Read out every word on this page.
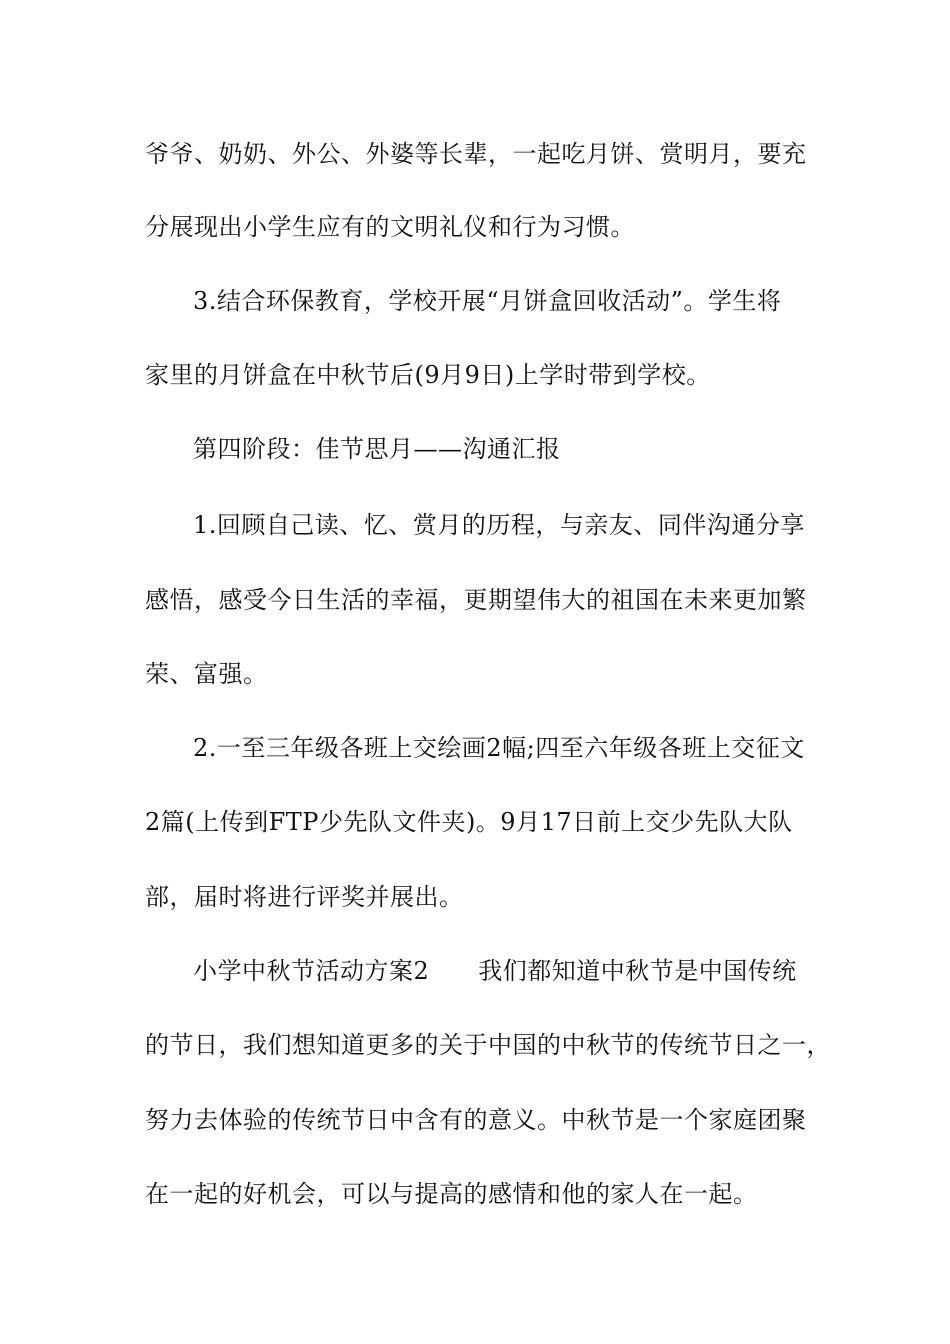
爷爷、奶奶、外公、外婆等长辈，一起吃月饼、赏明月，要充
分展现出小学生应有的文明礼仪和行为习惯。
3.结合环保教育，学校开展“月饼盒回收活动”。学生将
家里的月饼盒在中秋节后(9月9日)上学时带到学校。
第四阶段：佳节思月——沟通汇报
1.回顾自己读、忆、赏月的历程，与亲友、同伴沟通分享
感悟，感受今日生活的幸福，更期望伟大的祖国在未来更加繁
荣、富强。
2.一至三年级各班上交绘画2幅;四至六年级各班上交征文
2篇(上传到FTP少先队文件夹)。9月17日前上交少先队大队
部，届时将进行评奖并展出。
小学中秋节活动方案2　　我们都知道中秋节是中国传统
的节日，我们想知道更多的关于中国的中秋节的传统节日之一，
努力去体验的传统节日中含有的意义。中秋节是一个家庭团聚
在一起的好机会，可以与提高的感情和他的家人在一起。
